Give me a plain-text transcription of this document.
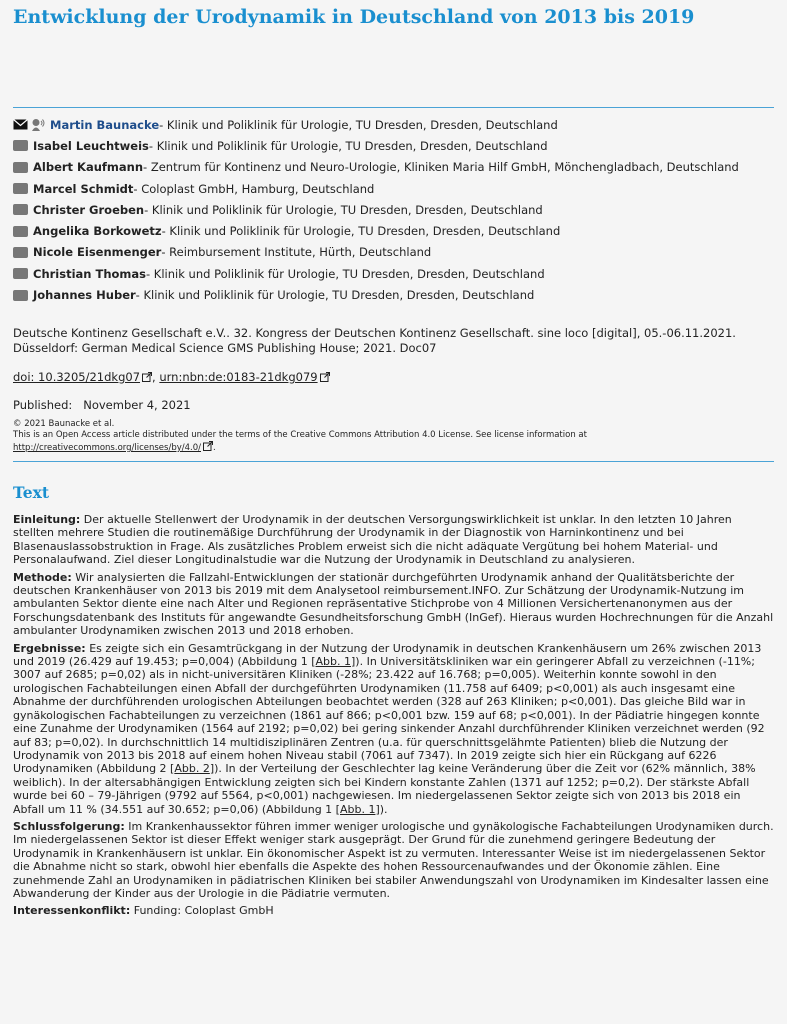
Entwicklung der Urodynamik in Deutschland von 2013 bis 2019
Martin Baunacke - Klinik und Poliklinik für Urologie, TU Dresden, Dresden, Deutschland
Isabel Leuchtweis - Klinik und Poliklinik für Urologie, TU Dresden, Dresden, Deutschland
Albert Kaufmann - Zentrum für Kontinenz und Neuro-Urologie, Kliniken Maria Hilf GmbH, Mönchengladbach, Deutschland
Marcel Schmidt - Coloplast GmbH, Hamburg, Deutschland
Christer Groeben - Klinik und Poliklinik für Urologie, TU Dresden, Dresden, Deutschland
Angelika Borkowetz - Klinik und Poliklinik für Urologie, TU Dresden, Dresden, Deutschland
Nicole Eisenmenger - Reimbursement Institute, Hürth, Deutschland
Christian Thomas - Klinik und Poliklinik für Urologie, TU Dresden, Dresden, Deutschland
Johannes Huber - Klinik und Poliklinik für Urologie, TU Dresden, Dresden, Deutschland

Deutsche Kontinenz Gesellschaft e.V.. 32. Kongress der Deutschen Kontinenz Gesellschaft. sine loco [digital], 05.-06.11.2021.

Düsseldorf: German Medical Science GMS Publishing House; 2021. Doc07

doi: 10.3205/21dkg07 , urn:nbn:de:0183-21dkg079
Published: November 4, 2021
© 2021 Baunacke et al.
This is an Open Access article distributed under the terms of the Creative Commons Attribution 4.0 License. See license information at
http://creativecommons.org/licenses/by/4.0/ .
Text

Einleitung: Der aktuelle Stellenwert der Urodynamik in der deutschen Versorgungswirklichkeit ist unklar. In den letzten 10 Jahren stellten mehrere Studien die routinemäßige Durchführung der Urodynamik in der Diagnostik von Harninkontinenz und bei Blasenauslassobstruktion in Frage. Als zusätzliches Problem erweist sich die nicht adäquate Vergütung bei hohem Material- und Personalaufwand. Ziel dieser Longitudinalstudie war die Nutzung der Urodynamik in Deutschland zu analysieren.

Methode: Wir analysierten die Fallzahl-Entwicklungen der stationär durchgeführten Urodynamik anhand der Qualitätsberichte der deutschen Krankenhäuser von 2013 bis 2019 mit dem Analysetool reimbursement.INFO. Zur Schätzung der Urodynamik-Nutzung im ambulanten Sektor diente eine nach Alter und Regionen repräsentative Stichprobe von 4 Millionen Versichertenanonymen aus der Forschungsdatenbank des Instituts für angewandte Gesundheitsforschung GmbH (InGef). Hieraus wurden Hochrechnungen für die Anzahl ambulanter Urodynamiken zwischen 2013 und 2018 erhoben.

Ergebnisse: Es zeigte sich ein Gesamtrückgang in der Nutzung der Urodynamik in deutschen Krankenhäusern um 26% zwischen 2013 und 2019 (26.429 auf 19.453; p=0,004) (Abbildung 1 [Abb. 1]). In Universitätskliniken war ein geringerer Abfall zu verzeichnen (-11%; 3007 auf 2685; p=0,02) als in nicht-universitären Kliniken (-28%; 23.422 auf 16.768; p=0,005). Weiterhin konnte sowohl in den urologischen Fachabteilungen einen Abfall der durchgeführten Urodynamiken (11.758 auf 6409; p<0,001) als auch insgesamt eine Abnahme der durchführenden urologischen Abteilungen beobachtet werden (328 auf 263 Kliniken; p<0,001). Das gleiche Bild war in gynäkologischen Fachabteilungen zu verzeichnen (1861 auf 866; p<0,001 bzw. 159 auf 68; p<0,001). In der Pädiatrie hingegen konnte eine Zunahme der Urodynamiken (1564 auf 2192; p=0,02) bei gering sinkender Anzahl durchführender Kliniken verzeichnet werden (92 auf 83; p=0,02). In durchschnittlich 14 multidisziplinären Zentren (u.a. für querschnittsgelähmte Patienten) blieb die Nutzung der Urodynamik von 2013 bis 2018 auf einem hohen Niveau stabil (7061 auf 7347). In 2019 zeigte sich hier ein Rückgang auf 6226 Urodynamiken (Abbildung 2 [Abb. 2]). In der Verteilung der Geschlechter lag keine Veränderung über die Zeit vor (62% männlich, 38% weiblich). In der altersabhängigen Entwicklung zeigten sich bei Kindern konstante Zahlen (1371 auf 1252; p=0,2). Der stärkste Abfall wurde bei 60 – 79-Jährigen (9792 auf 5564, p<0,001) nachgewiesen. Im niedergelassenen Sektor zeigte sich von 2013 bis 2018 ein Abfall um 11 % (34.551 auf 30.652; p=0,06) (Abbildung 1 [Abb. 1]).

Schlussfolgerung: Im Krankenhaussektor führen immer weniger urologische und gynäkologische Fachabteilungen Urodynamiken durch. Im niedergelassenen Sektor ist dieser Effekt weniger stark ausgeprägt. Der Grund für die zunehmend geringere Bedeutung der Urodynamik in Krankenhäusern ist unklar. Ein ökonomischer Aspekt ist zu vermuten. Interessanter Weise ist im niedergelassenen Sektor die Abnahme nicht so stark, obwohl hier ebenfalls die Aspekte des hohen Ressourcenaufwandes und der Ökonomie zählen. Eine zunehmende Zahl an Urodynamiken in pädiatrischen Kliniken bei stabiler Anwendungszahl von Urodynamiken im Kindesalter lassen eine Abwanderung der Kinder aus der Urologie in die Pädiatrie vermuten.

Interessenkonflikt: Funding: Coloplast GmbH
